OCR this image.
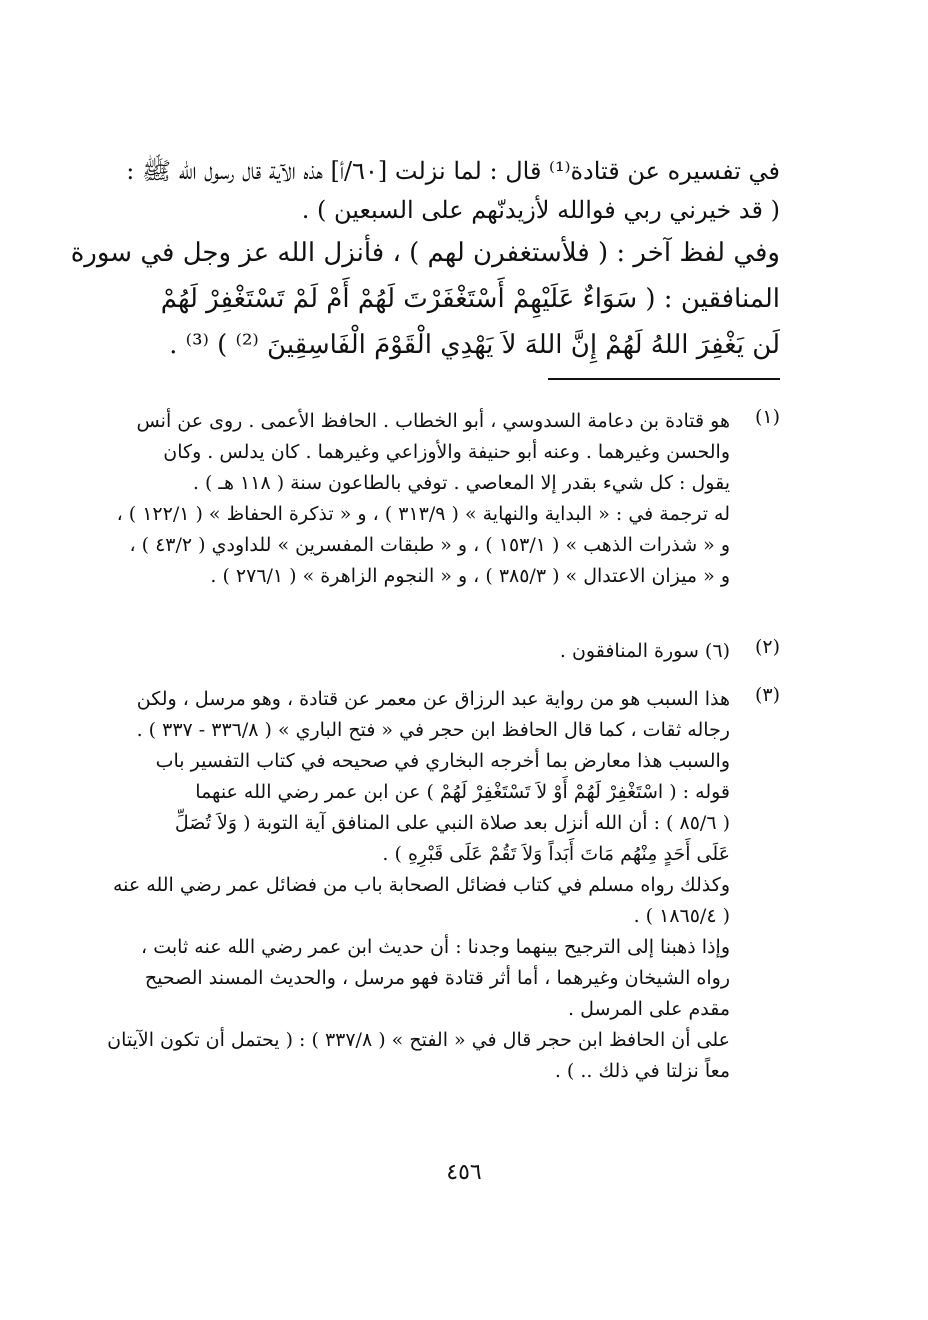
في تفسيره عن قتادة⁽¹⁾ قال : لما نزلت [٦٠/أ] هذه الآية قال رسول الله ﷺ :

( قد خيرني ربي فوالله لأزيدنّهم على السبعين ) .

وفي لفظ آخر : ( فلأستغفرن لهم ) ، فأنزل الله عز وجل في سورة
المنافقين : ( سَوَاءٌ عَلَيْهِمْ أَسْتَغْفَرْتَ لَهُمْ أَمْ لَمْ تَسْتَغْفِرْ لَهُمْ
لَن يَغْفِرَ اللهُ لَهُمْ إِنَّ اللهَ لاَ يَهْدِي الْقَوْمَ الْفَاسِقِينَ ⁽²⁾ ) ⁽³⁾ .
(١)
هو قتادة بن دعامة السدوسي ، أبو الخطاب . الحافظ الأعمى . روى عن أنس
والحسن وغيرهما . وعنه أبو حنيفة والأوزاعي وغيرهما . كان يدلس . وكان
يقول : كل شيء بقدر إلا المعاصي . توفي بالطاعون سنة ( ١١٨ هـ ) .
له ترجمة في : « البداية والنهاية » ( ٣١٣/٩ ) ، و « تذكرة الحفاظ » ( ١٢٢/١ ) ،
و « شذرات الذهب » ( ١٥٣/١ ) ، و « طبقات المفسرين » للداودي ( ٤٣/٢ ) ،
و « ميزان الاعتدال » ( ٣٨٥/٣ ) ، و « النجوم الزاهرة » ( ٢٧٦/١ ) .
(٢)
(٦) سورة المنافقون .
(٣)
هذا السبب هو من رواية عبد الرزاق عن معمر عن قتادة ، وهو مرسل ، ولكن
رجاله ثقات ، كما قال الحافظ ابن حجر في « فتح الباري » ( ٣٣٦/٨ - ٣٣٧ ) .
والسبب هذا معارض بما أخرجه البخاري في صحيحه في كتاب التفسير باب
قوله : ( اسْتَغْفِرْ لَهُمْ أَوْ لاَ تَسْتَغْفِرْ لَهُمْ ) عن ابن عمر رضي الله عنهما
( ٨٥/٦ ) : أن الله أنزل بعد صلاة النبي على المنافق آية التوبة ( وَلاَ تُصَلِّ
عَلَى أَحَدٍ مِنْهُم مَاتَ أَبَداً وَلاَ تَقُمْ عَلَى قَبْرِهِ ) .
وكذلك رواه مسلم في كتاب فضائل الصحابة باب من فضائل عمر رضي الله عنه
( ١٨٦٥/٤ ) .
وإذا ذهبنا إلى الترجيح بينهما وجدنا : أن حديث ابن عمر رضي الله عنه ثابت ،
رواه الشيخان وغيرهما ، أما أثر قتادة فهو مرسل ، والحديث المسند الصحيح
مقدم على المرسل .
على أن الحافظ ابن حجر قال في « الفتح » ( ٣٣٧/٨ ) : ( يحتمل أن تكون الآيتان
معاً نزلتا في ذلك .. ) .
٤٥٦
